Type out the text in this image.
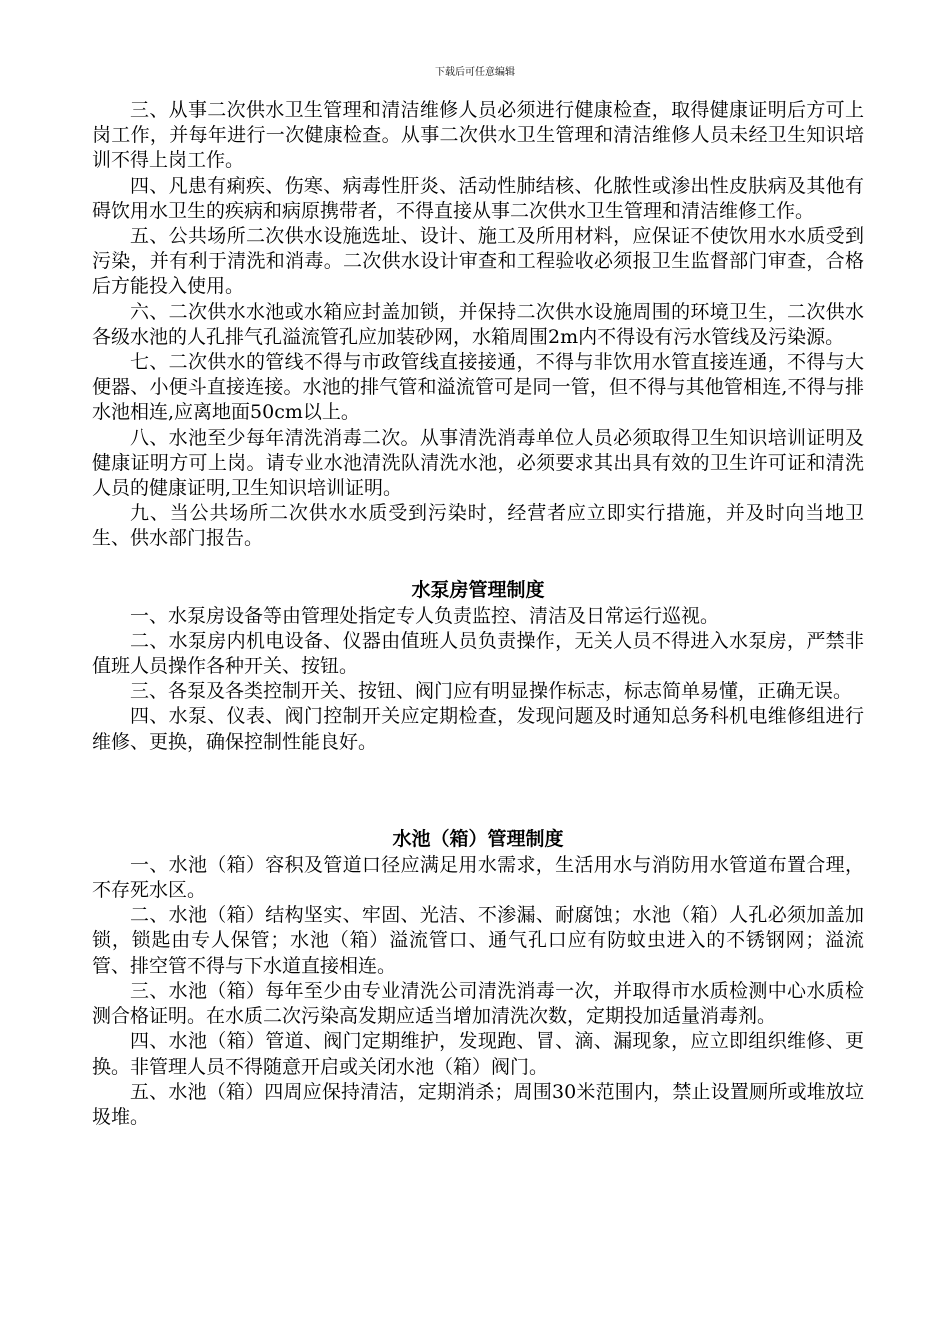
下载后可任意编辑

三、从事二次供水卫生管理和清洁维修人员必须进行健康检查，取得健康证明后方可上岗工作，并每年进行一次健康检查。从事二次供水卫生管理和清洁维修人员未经卫生知识培训不得上岗工作。

四、凡患有痢疾、伤寒、病毒性肝炎、活动性肺结核、化脓性或渗出性皮肤病及其他有碍饮用水卫生的疾病和病原携带者，不得直接从事二次供水卫生管理和清洁维修工作。

五、公共场所二次供水设施选址、设计、施工及所用材料，应保证不使饮用水水质受到污染，并有利于清洗和消毒。二次供水设计审查和工程验收必须报卫生监督部门审查，合格后方能投入使用。

六、二次供水水池或水箱应封盖加锁，并保持二次供水设施周围的环境卫生，二次供水各级水池的人孔排气孔溢流管孔应加装砂网，水箱周围2m内不得设有污水管线及污染源。

七、二次供水的管线不得与市政管线直接接通，不得与非饮用水管直接连通，不得与大便器、小便斗直接连接。水池的排气管和溢流管可是同一管，但不得与其他管相连,不得与排水池相连,应离地面50cm以上。

八、水池至少每年清洗消毒二次。从事清洗消毒单位人员必须取得卫生知识培训证明及健康证明方可上岗。请专业水池清洗队清洗水池，必须要求其出具有效的卫生许可证和清洗人员的健康证明,卫生知识培训证明。

九、当公共场所二次供水水质受到污染时，经营者应立即实行措施，并及时向当地卫生、供水部门报告。

水泵房管理制度

一、水泵房设备等由管理处指定专人负责监控、清洁及日常运行巡视。

二、水泵房内机电设备、仪器由值班人员负责操作，无关人员不得进入水泵房，严禁非值班人员操作各种开关、按钮。

三、各泵及各类控制开关、按钮、阀门应有明显操作标志，标志简单易懂，正确无误。

四、水泵、仪表、阀门控制开关应定期检查，发现问题及时通知总务科机电维修组进行维修、更换，确保控制性能良好。

水池（箱）管理制度

一、水池（箱）容积及管道口径应满足用水需求，生活用水与消防用水管道布置合理，不存死水区。

二、水池（箱）结构坚实、牢固、光洁、不渗漏、耐腐蚀；水池（箱）人孔必须加盖加锁，锁匙由专人保管；水池（箱）溢流管口、通气孔口应有防蚊虫进入的不锈钢网；溢流管、排空管不得与下水道直接相连。

三、水池（箱）每年至少由专业清洗公司清洗消毒一次，并取得市水质检测中心水质检测合格证明。在水质二次污染高发期应适当增加清洗次数，定期投加适量消毒剂。

四、水池（箱）管道、阀门定期维护，发现跑、冒、滴、漏现象，应立即组织维修、更换。非管理人员不得随意开启或关闭水池（箱）阀门。

五、水池（箱）四周应保持清洁，定期消杀；周围30米范围内，禁止设置厕所或堆放垃圾堆。
